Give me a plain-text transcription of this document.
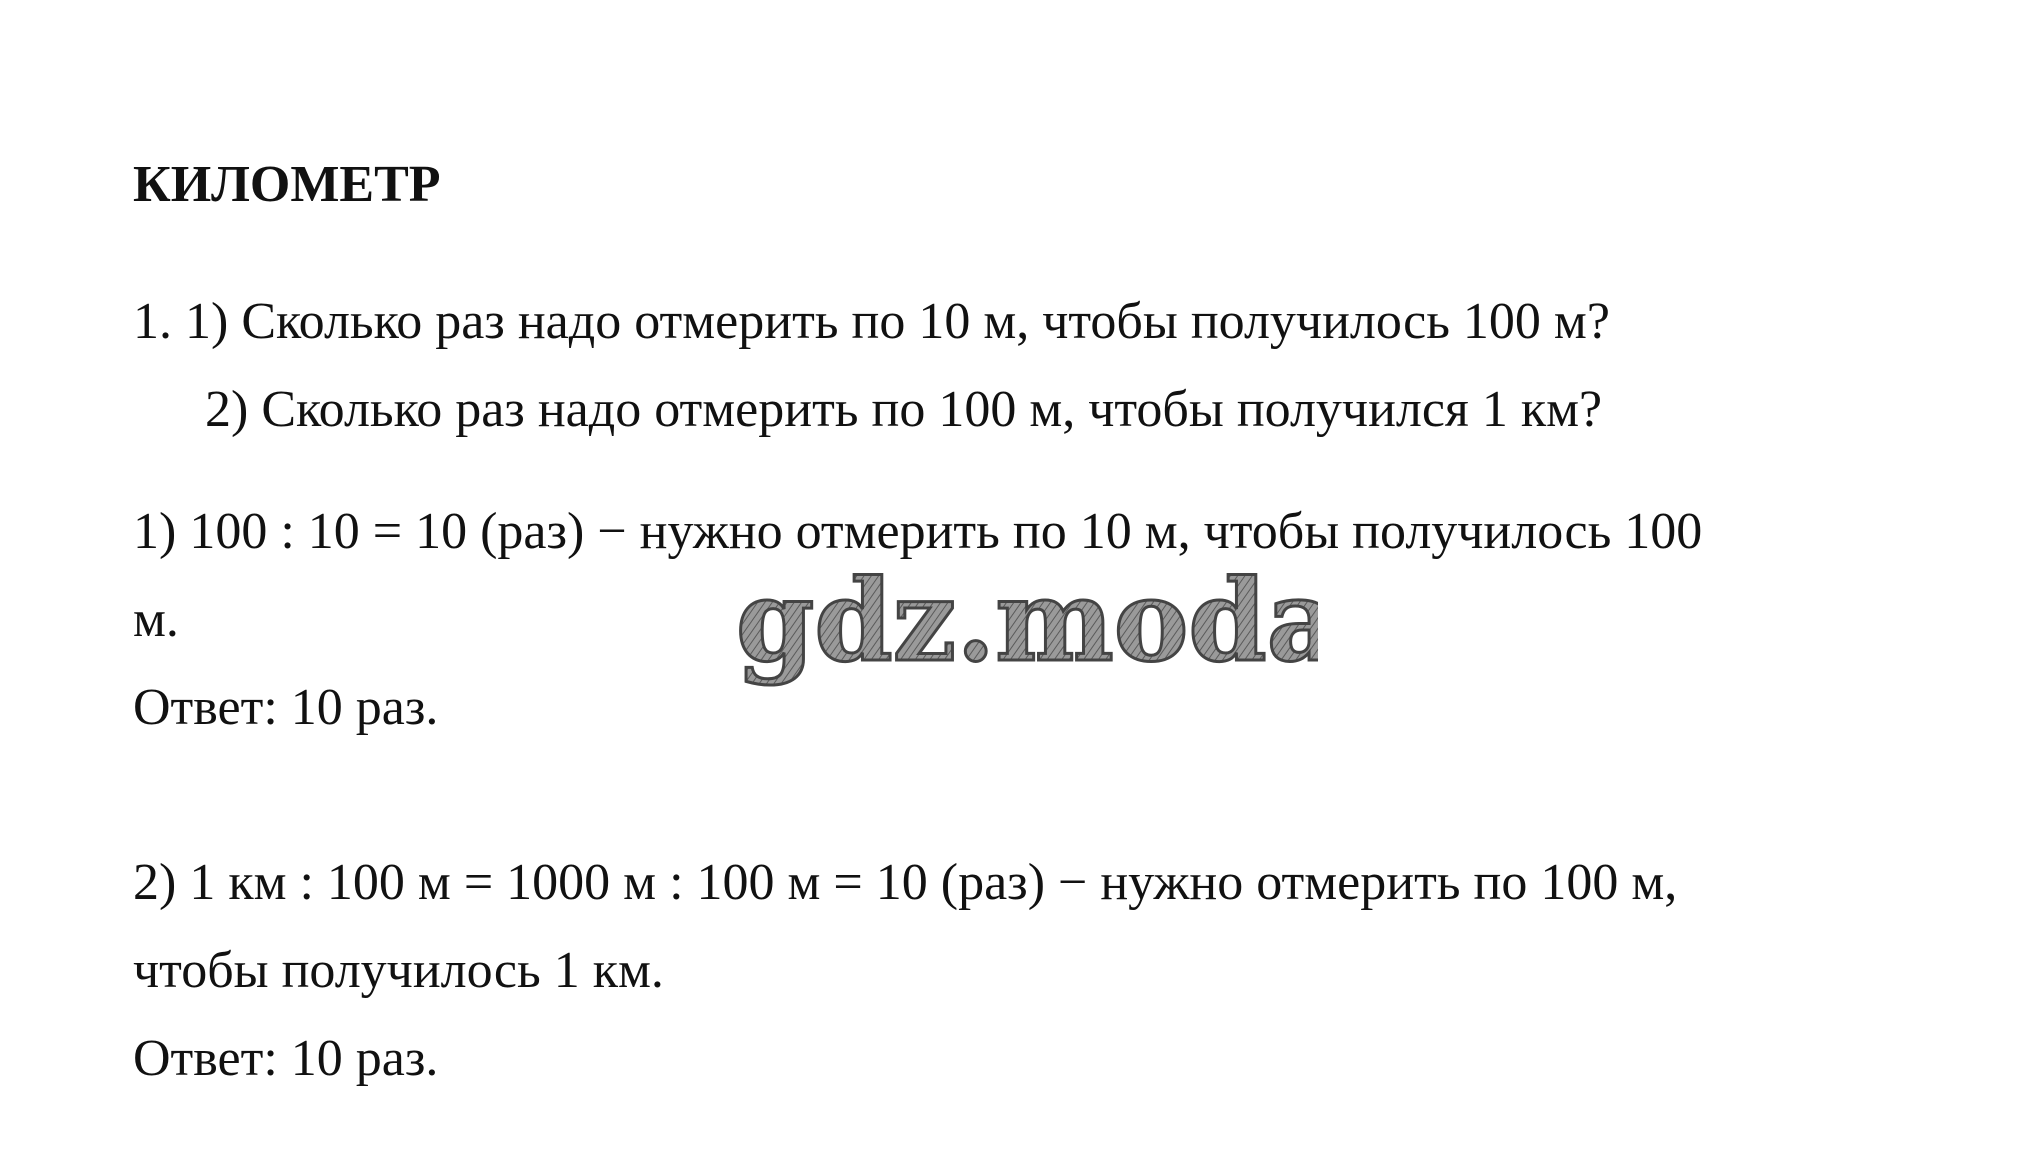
КИЛОМЕТР
1. 1) Сколько раз надо отмерить по 10 м, чтобы получилось 100 м?
2) Сколько раз надо отмерить по 100 м, чтобы получился 1 км?
1) 100 : 10 = 10 (раз) − нужно отмерить по 10 м, чтобы получилось 100
м.
Ответ: 10 раз.
2) 1 км : 100 м = 1000 м : 100 м = 10 (раз) − нужно отмерить по 100 м,
чтобы получилось 1 км.
Ответ: 10 раз.
gdz.moda
